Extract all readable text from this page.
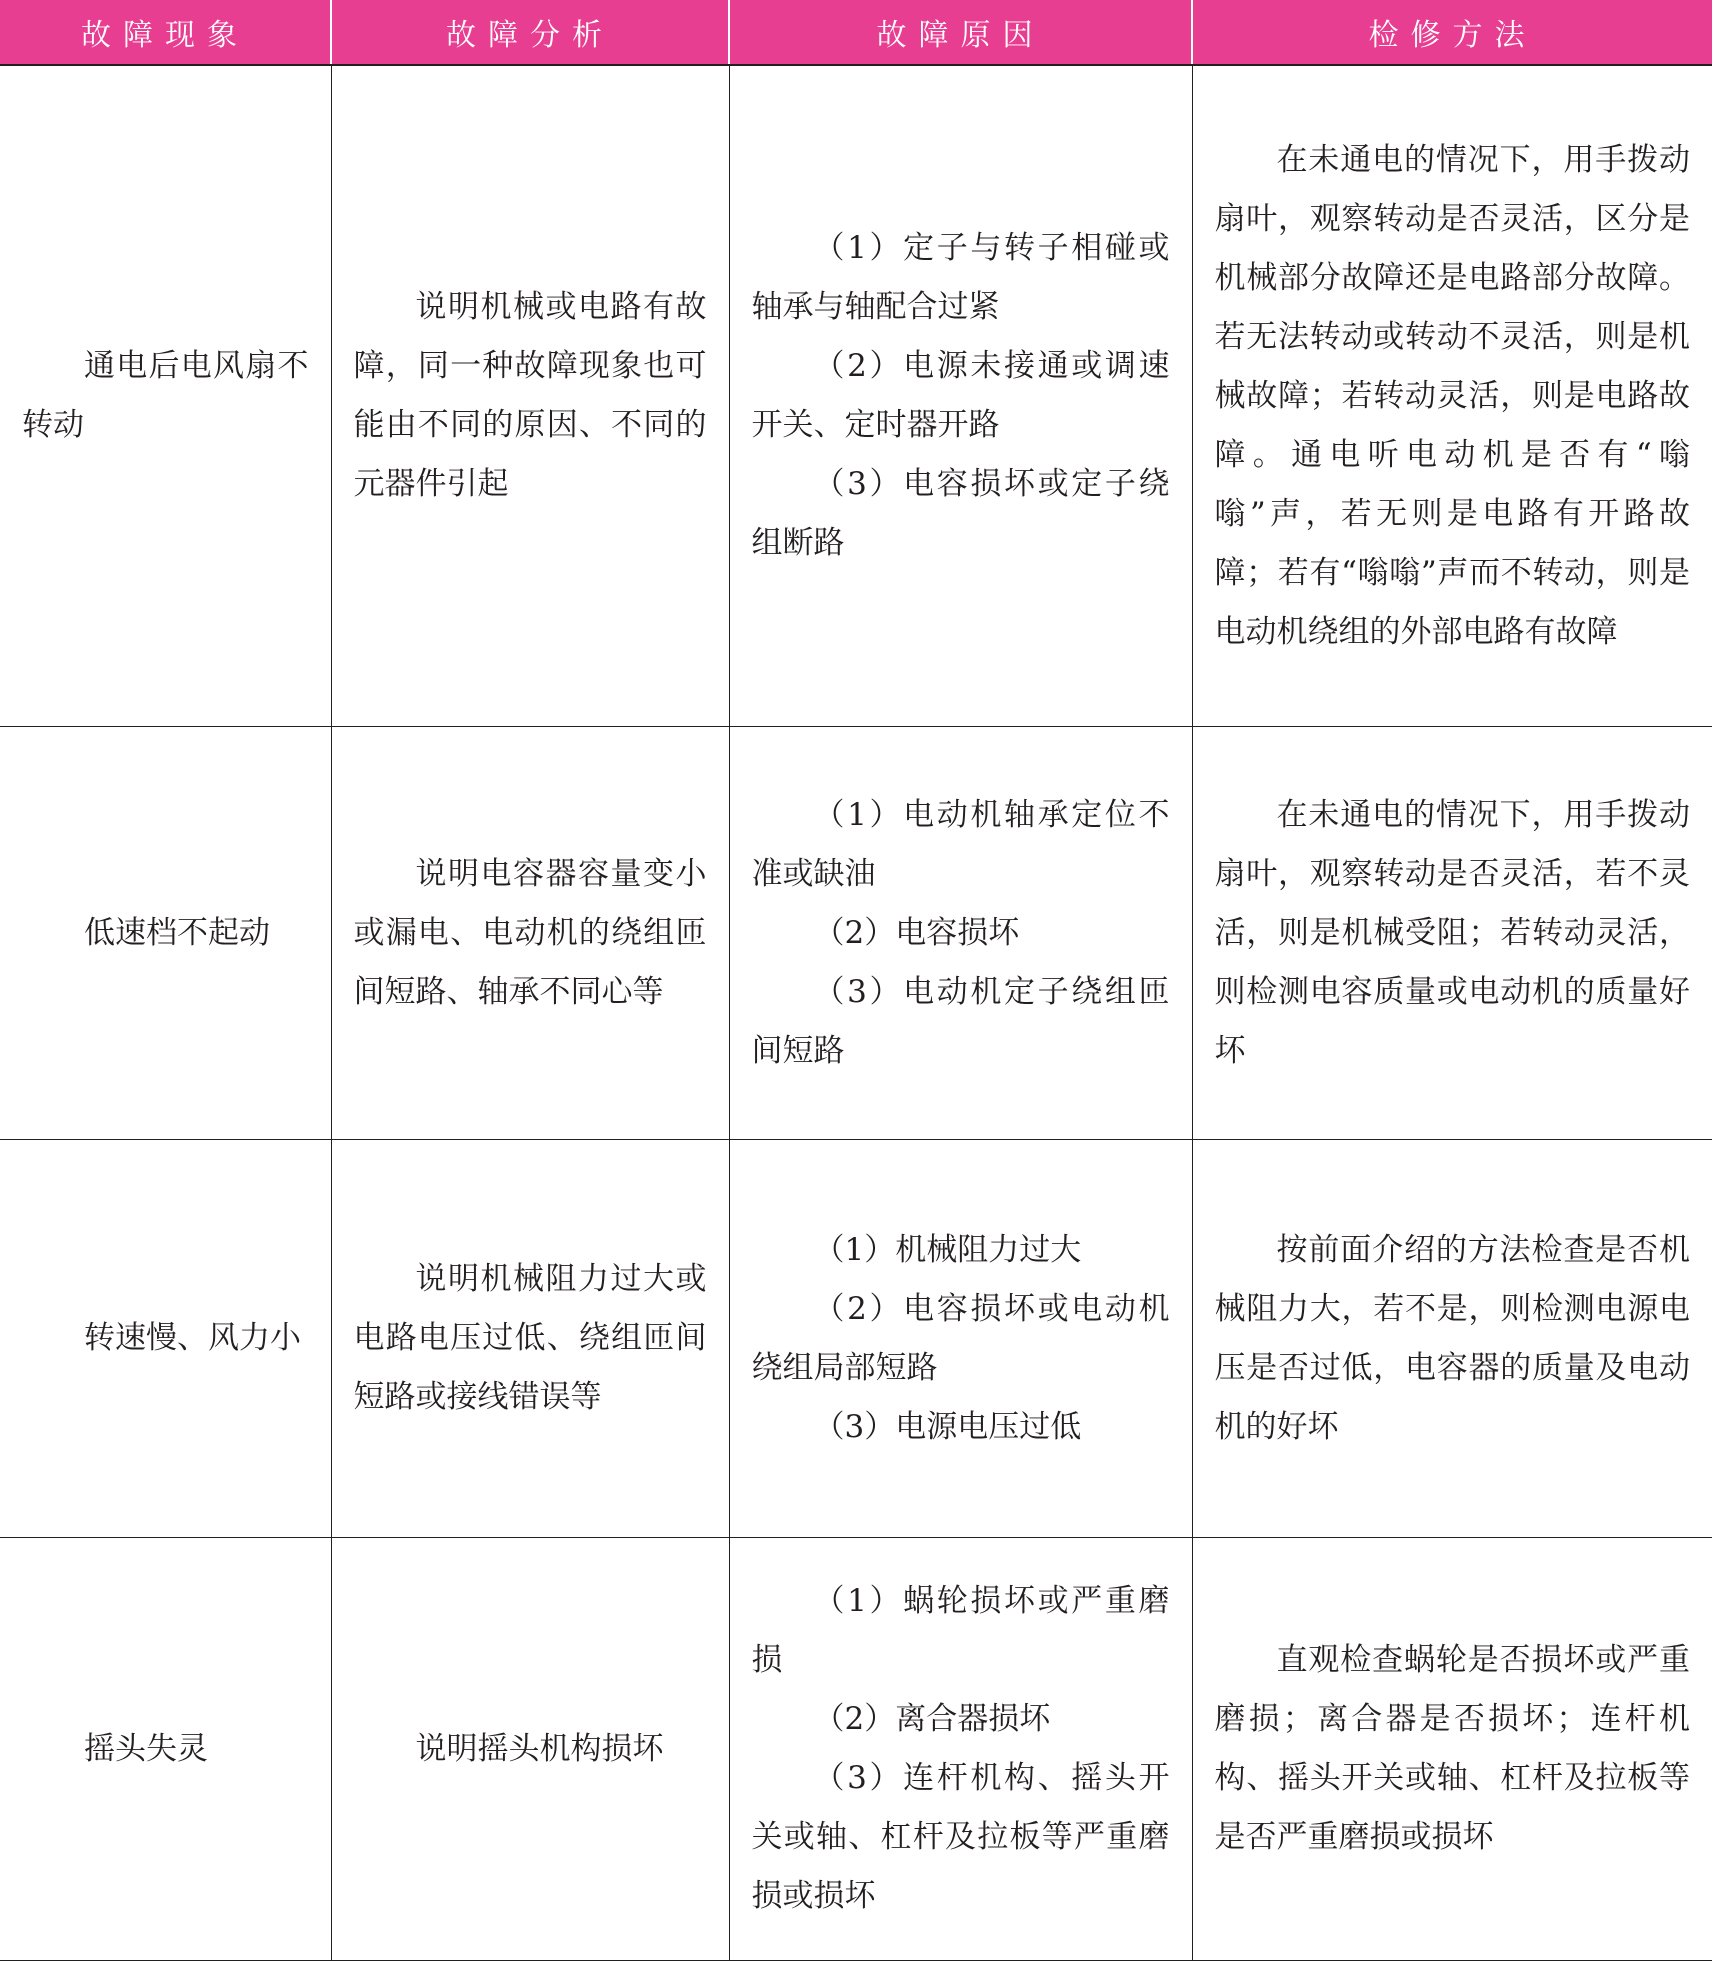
故障现象	故障分析	故障原因	检修方法

通电后电风扇不转动	说明机械或电路有故障，同一种故障现象也可能由不同的原因、不同的元器件引起	（1）定子与转子相碰或轴承与轴配合过紧
（2）电源未接通或调速开关、定时器开路
（3）电容损坏或定子绕组断路	在未通电的情况下，用手拨动扇叶，观察转动是否灵活，区分是机械部分故障还是电路部分故障。若无法转动或转动不灵活，则是机械故障；若转动灵活，则是电路故障。通电听电动机是否有“嗡嗡”声，若无则是电路有开路故障；若有“嗡嗡”声而不转动，则是电动机绕组的外部电路有故障

低速档不起动	说明电容器容量变小或漏电、电动机的绕组匝间短路、轴承不同心等	（1）电动机轴承定位不准或缺油
（2）电容损坏
（3）电动机定子绕组匝间短路	在未通电的情况下，用手拨动扇叶，观察转动是否灵活，若不灵活，则是机械受阻；若转动灵活，则检测电容质量或电动机的质量好坏

转速慢、风力小	说明机械阻力过大或电路电压过低、绕组匝间短路或接线错误等	（1）机械阻力过大
（2）电容损坏或电动机绕组局部短路
（3）电源电压过低	按前面介绍的方法检查是否机械阻力大，若不是，则检测电源电压是否过低，电容器的质量及电动机的好坏

摇头失灵	说明摇头机构损坏	（1）蜗轮损坏或严重磨损
（2）离合器损坏
（3）连杆机构、摇头开关或轴、杠杆及拉板等严重磨损或损坏	直观检查蜗轮是否损坏或严重磨损；离合器是否损坏；连杆机构、摇头开关或轴、杠杆及拉板等是否严重磨损或损坏
